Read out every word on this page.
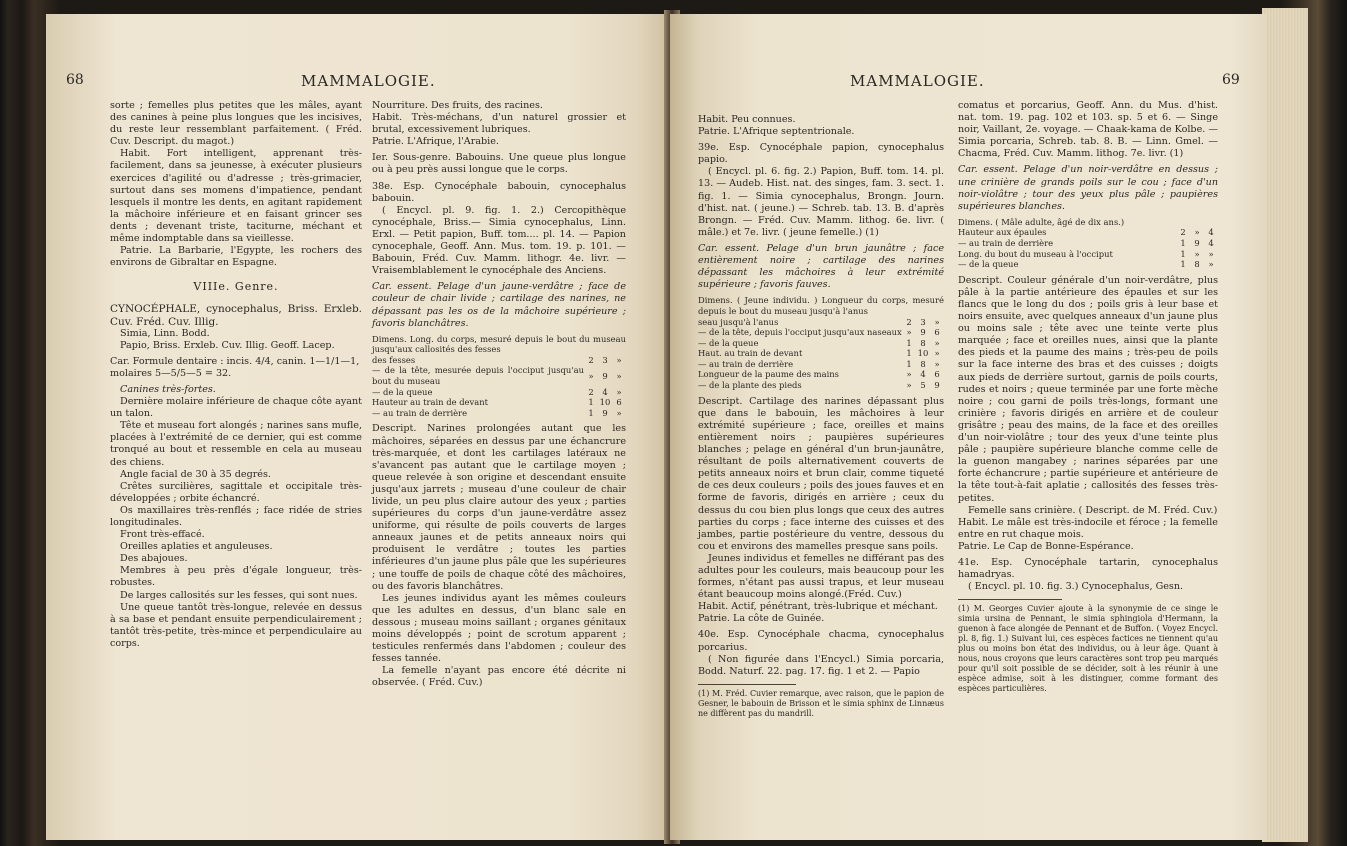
68	MAMMALOGIE.

sorte ; femelles plus petites que les mâles, ayant des canines à peine plus longues que les incisives, du reste leur ressemblant parfaitement. ( Fréd. Cuv. Descript. du magot.)

Habit. Fort intelligent, apprenant très-facilement, dans sa jeunesse, à exécuter plusieurs exercices d'agilité ou d'adresse ; très-grimacier, surtout dans ses momens d'impatience, pendant lesquels il montre les dents, en agitant rapidement la mâchoire inférieure et en faisant grincer ses dents ; devenant triste, taciturne, méchant et même indomptable dans sa vieillesse.

Patrie. La Barbarie, l'Egypte, les rochers des environs de Gibraltar en Espagne.

VIIIe. Genre.

CYNOCÉPHALE, cynocephalus, Briss. Erxleb. Cuv. Fréd. Cuv. Illig.

Simia, Linn. Bodd.

Papio, Briss. Erxleb. Cuv. Illig. Geoff. Lacep.

Car. Formule dentaire : incis. 4/4, canin. 1—1/1—1,

molaires 5—5/5—5 = 32.

Canines très-fortes.

Dernière molaire inférieure de chaque côte ayant un talon.

Tête et museau fort alongés ; narines sans mufle, placées à l'extrémité de ce dernier, qui est comme tronqué au bout et ressemble en cela au museau des chiens.

Angle facial de 30 à 35 degrés.

Crêtes surcilières, sagittale et occipitale très-développées ; orbite échancré.

Os maxillaires très-renflés ; face ridée de stries longitudinales.

Front très-effacé.

Oreilles aplaties et anguleuses.

Des abajoues.

Membres à peu près d'égale longueur, très-robustes.

De larges callosités sur les fesses, qui sont nues.

Une queue tantôt très-longue, relevée en dessus à sa base et pendant ensuite perpendiculairement ; tantôt très-petite, très-mince et perpendiculaire au corps.

Nourriture. Des fruits, des racines.

Habit. Très-méchans, d'un naturel grossier et brutal, excessivement lubriques.

Patrie. L'Afrique, l'Arabie.

Ier. Sous-genre. Babouins. Une queue plus longue ou à peu près aussi longue que le corps.

38e. Esp. Cynocéphale babouin, cynocephalus babouin.

( Encycl. pl. 9. fig. 1. 2.) Cercopithèque cynocéphale, Briss.— Simia cynocephalus, Linn. Erxl. — Petit papion, Buff. tom.... pl. 14. — Papion cynocephale, Geoff. Ann. Mus. tom. 19. p. 101. — Babouin, Fréd. Cuv. Mamm. lithogr. 4e. livr. — Vraisemblablement le cynocéphale des Anciens.

Car. essent. Pelage d'un jaune-verdâtre ; face de couleur de chair livide ; cartilage des narines, ne dépassant pas les os de la mâchoire supérieure ; favoris blanchâtres.

Dimens. Long. du corps, mesuré depuis le bout du museau jusqu'aux callosités des fesses

des fesses	2	3	»
— de la tête, mesurée depuis l'occiput jusqu'au bout du museau	»	9	»
— de la queue	2	4	»
Hauteur au train de devant	1	10	6
— au train de derrière	1	9	»

Descript. Narines prolongées autant que les mâchoires, séparées en dessus par une échancrure très-marquée, et dont les cartilages latéraux ne s'avancent pas autant que le cartilage moyen ; queue relevée à son origine et descendant ensuite jusqu'aux jarrets ; museau d'une couleur de chair livide, un peu plus claire autour des yeux ; parties supérieures du corps d'un jaune-verdâtre assez uniforme, qui résulte de poils couverts de larges anneaux jaunes et de petits anneaux noirs qui produisent le verdâtre ; toutes les parties inférieures d'un jaune plus pâle que les supérieures ; une touffe de poils de chaque côté des mâchoires, ou des favoris blanchâtres.

Les jeunes individus ayant les mêmes couleurs que les adultes en dessus, d'un blanc sale en dessous ; museau moins saillant ; organes génitaux moins développés ; point de scrotum apparent ; testicules renfermés dans l'abdomen ; couleur des fesses tannée.

La femelle n'ayant pas encore été décrite ni observée. ( Fréd. Cuv.)

MAMMALOGIE.	69

Habit. Peu connues.

Patrie. L'Afrique septentrionale.

39e. Esp. Cynocéphale papion, cynocephalus papio.

( Encycl. pl. 6. fig. 2.) Papion, Buff. tom. 14. pl. 13. — Audeb. Hist. nat. des singes, fam. 3. sect. 1. fig. 1. — Simia cynocephalus, Brongn. Journ. d'hist. nat. ( jeune.) — Schreb. tab. 13. B. d'après Brongn. — Fréd. Cuv. Mamm. lithog. 6e. livr. ( mâle.) et 7e. livr. ( jeune femelle.) (1)

Car. essent. Pelage d'un brun jaunâtre ; face entièrement noire ; cartilage des narines dépassant les mâchoires à leur extrémité supérieure ; favoris fauves.

Dimens. ( Jeune individu. ) Longueur du corps, mesuré depuis le bout du museau jusqu'à l'anus

seau jusqu'à l'anus	2	3	»
— de la tête, depuis l'occiput jusqu'aux naseaux	»	9	6
— de la queue	1	8	»
Haut. au train de devant	1	10	»
— au train de derrière	1	8	»
Longueur de la paume des mains	»	4	6
— de la plante des pieds	»	5	9

Descript. Cartilage des narines dépassant plus que dans le babouin, les mâchoires à leur extrémité supérieure ; face, oreilles et mains entièrement noirs ; paupières supérieures blanches ; pelage en général d'un brun-jaunâtre, résultant de poils alternativement couverts de petits anneaux noirs et brun clair, comme tiqueté de ces deux couleurs ; poils des joues fauves et en forme de favoris, dirigés en arrière ; ceux du dessus du cou bien plus longs que ceux des autres parties du corps ; face interne des cuisses et des jambes, partie postérieure du ventre, dessous du cou et environs des mamelles presque sans poils.

Jeunes individus et femelles ne différant pas des adultes pour les couleurs, mais beaucoup pour les formes, n'étant pas aussi trapus, et leur museau étant beaucoup moins alongé.(Fréd. Cuv.)

Habit. Actif, pénétrant, très-lubrique et méchant.

Patrie. La côte de Guinée.

40e. Esp. Cynocéphale chacma, cynocephalus porcarius.

( Non figurée dans l'Encycl.) Simia porcaria, Bodd. Naturf. 22. pag. 17. fig. 1 et 2. — Papio

(1) M. Fréd. Cuvier remarque, avec raison, que le papion de Gesner, le babouin de Brisson et le simia sphinx de Linnæus ne diffèrent pas du mandrill.

comatus et porcarius, Geoff. Ann. du Mus. d'hist. nat. tom. 19. pag. 102 et 103. sp. 5 et 6. — Singe noir, Vaillant, 2e. voyage. — Chaak-kama de Kolbe. — Simia porcaria, Schreb. tab. 8. B. — Linn. Gmel. — Chacma, Fréd. Cuv. Mamm. lithog. 7e. livr. (1)

Car. essent. Pelage d'un noir-verdâtre en dessus ; une crinière de grands poils sur le cou ; face d'un noir-violâtre ; tour des yeux plus pâle ; paupières supérieures blanches.

Dimens. ( Mâle adulte, âgé de dix ans.)

Hauteur aux épaules	2	»	4
— au train de derrière	1	9	4
Long. du bout du museau à l'occiput	1	»	»
— de la queue	1	8	»

Descript. Couleur générale d'un noir-verdâtre, plus pâle à la partie antérieure des épaules et sur les flancs que le long du dos ; poils gris à leur base et noirs ensuite, avec quelques anneaux d'un jaune plus ou moins sale ; tête avec une teinte verte plus marquée ; face et oreilles nues, ainsi que la plante des pieds et la paume des mains ; très-peu de poils sur la face interne des bras et des cuisses ; doigts aux pieds de derrière surtout, garnis de poils courts, rudes et noirs ; queue terminée par une forte mèche noire ; cou garni de poils très-longs, formant une crinière ; favoris dirigés en arrière et de couleur grisâtre ; peau des mains, de la face et des oreilles d'un noir-violâtre ; tour des yeux d'une teinte plus pâle ; paupière supérieure blanche comme celle de la guenon mangabey ; narines séparées par une forte échancrure ; partie supérieure et antérieure de la tête tout-à-fait aplatie ; callosités des fesses très-petites.

Femelle sans crinière. ( Descript. de M. Fréd. Cuv.)

Habit. Le mâle est très-indocile et féroce ; la femelle entre en rut chaque mois.

Patrie. Le Cap de Bonne-Espérance.

41e. Esp. Cynocéphale tartarin, cynocephalus hamadryas.

( Encycl. pl. 10. fig. 3.) Cynocephalus, Gesn.

(1) M. Georges Cuvier ajoute à la synonymie de ce singe le simia ursina de Pennant, le simia sphingiola d'Hermann, la guenon à face alongée de Pennant et de Buffon. ( Voyez Encycl. pl. 8, fig. 1.) Suivant lui, ces espèces factices ne tiennent qu'au plus ou moins bon état des individus, ou à leur âge. Quant à nous, nous croyons que leurs caractères sont trop peu marqués pour qu'il soit possible de se décider, soit à les réunir à une espèce admise, soit à les distinguer, comme formant des espèces particulières.
